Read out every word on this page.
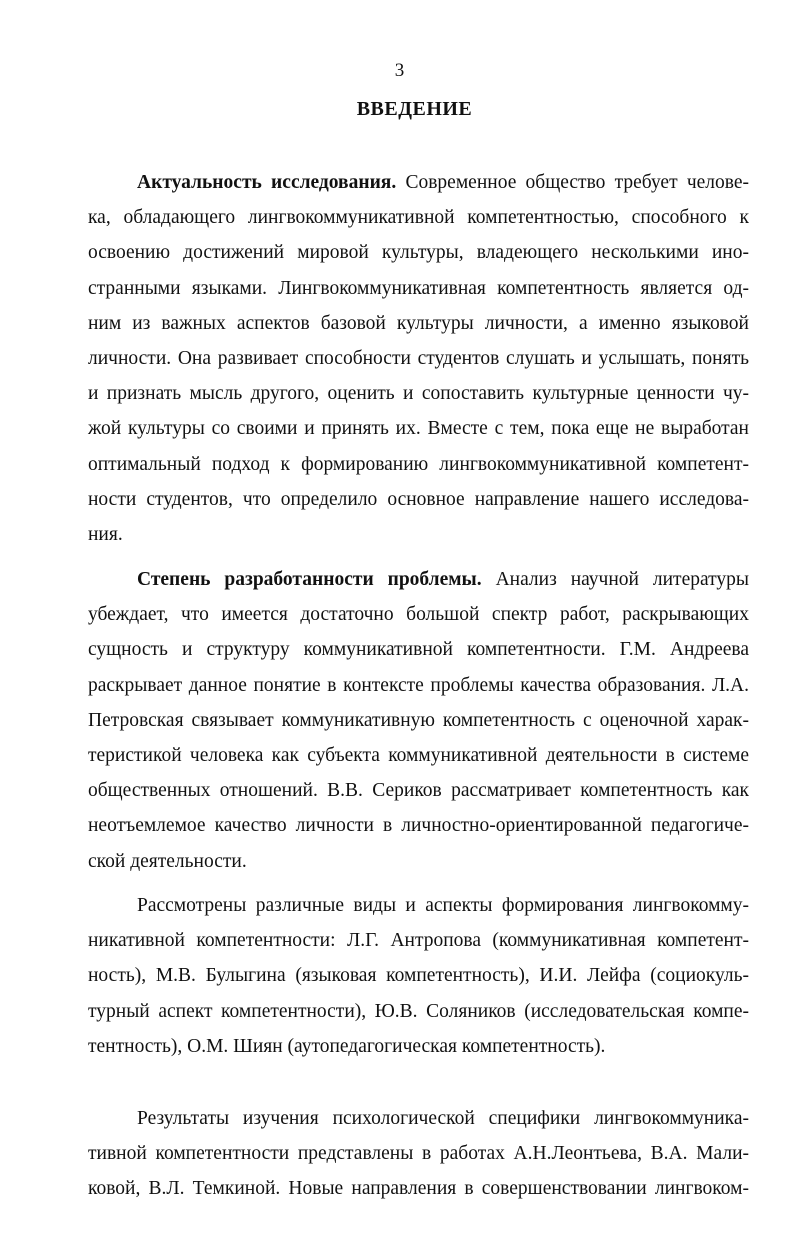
3
ВВЕДЕНИЕ
Актуальность исследования. Современное общество требует челове-
ка, обладающего лингвокоммуникативной компетентностью, способного к
освоению достижений мировой культуры, владеющего несколькими ино-
странными языками. Лингвокоммуникативная компетентность является од-
ним из важных аспектов базовой культуры личности, а именно языковой
личности. Она развивает способности студентов слушать и услышать, понять
и признать мысль другого, оценить и сопоставить культурные ценности чу-
жой культуры со своими и принять их. Вместе с тем, пока еще не выработан
оптимальный подход к формированию лингвокоммуникативной компетент-
ности студентов, что определило основное направление нашего исследова-
ния.
Степень разработанности проблемы. Анализ научной литературы
убеждает, что имеется достаточно большой спектр работ, раскрывающих
сущность и структуру коммуникативной компетентности. Г.М. Андреева
раскрывает данное понятие в контексте проблемы качества образования. Л.А.
Петровская связывает коммуникативную компетентность с оценочной харак-
теристикой человека как субъекта коммуникативной деятельности в системе
общественных отношений. В.В. Сериков рассматривает компетентность как
неотъемлемое качество личности в личностно-ориентированной педагогиче-
ской деятельности.
Рассмотрены различные виды и аспекты формирования лингвокомму-
никативной компетентности: Л.Г. Антропова (коммуникативная компетент-
ность), М.В. Булыгина (языковая компетентность), И.И. Лейфа (социокуль-
турный аспект компетентности), Ю.В. Соляников (исследовательская компе-
тентность), О.М. Шиян (аутопедагогическая компетентность).
Результаты изучения психологической специфики лингвокоммуника-
тивной компетентности представлены в работах А.Н.Леонтьева, В.А. Мали-
ковой, В.Л. Темкиной. Новые направления в совершенствовании лингвоком-
